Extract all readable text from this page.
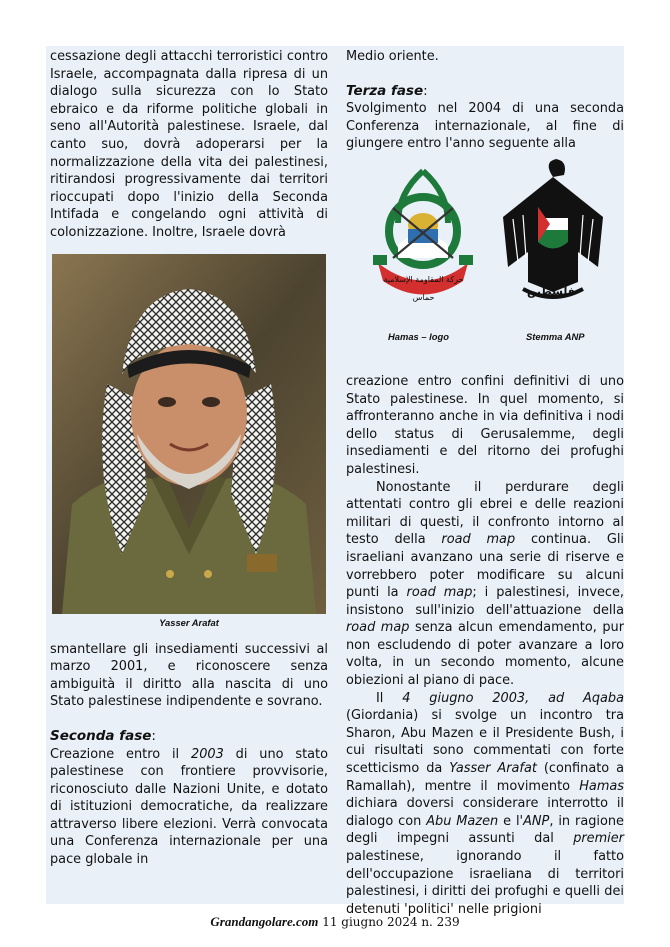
cessazione degli attacchi terroristici contro Israele, accompagnata dalla ripresa di un dialogo sulla sicurezza con lo Stato ebraico e da riforme politiche globali in seno all'Autorità palestinese. Israele, dal canto suo, dovrà adoperarsi per la normalizzazione della vita dei palestinesi, ritirandosi progressivamente dai territori rioccupati dopo l'inizio della Seconda Intifada e congelando ogni attività di colonizzazione. Inoltre, Israele dovrà

Yasser Arafat

smantellare gli insediamenti successivi al marzo 2001, e riconoscere senza ambiguità il diritto alla nascita di uno Stato palestinese indipendente e sovrano.

Seconda fase:

Creazione entro il 2003 di uno stato palestinese con frontiere provvisorie, riconosciuto dalle Nazioni Unite, e dotato di istituzioni democratiche, da realizzare attraverso libere elezioni. Verrà convocata una Conferenza internazionale per una pace globale in

Medio oriente.

Terza fase:

Svolgimento nel 2004 di una seconda Conferenza internazionale, al fine di giungere entro l'anno seguente alla

حركة المقاومة الإسلامية حماس	فلسطين
Hamas – logo	Stemma ANP

creazione entro confini definitivi di uno Stato palestinese. In quel momento, si affronteranno anche in via definitiva i nodi dello status di Gerusalemme, degli insediamenti e del ritorno dei profughi palestinesi.

Nonostante il perdurare degli attentati contro gli ebrei e delle reazioni militari di questi, il confronto intorno al testo della road map continua. Gli israeliani avanzano una serie di riserve e vorrebbero poter modificare su alcuni punti la road map; i palestinesi, invece, insistono sull'inizio dell'attuazione della road map senza alcun emendamento, pur non escludendo di poter avanzare a loro volta, in un secondo momento, alcune obiezioni al piano di pace.

Il 4 giugno 2003, ad Aqaba (Giordania) si svolge un incontro tra Sharon, Abu Mazen e il Presidente Bush, i cui risultati sono commentati con forte scetticismo da Yasser Arafat (confinato a Ramallah), mentre il movimento Hamas dichiara doversi considerare interrotto il dialogo con Abu Mazen e l'ANP, in ragione degli impegni assunti dal premier palestinese, ignorando il fatto dell'occupazione israeliana di territori palestinesi, i diritti dei profughi e quelli dei detenuti 'politici' nelle prigioni

Grandangolare.com 11 giugno 2024 n. 239
